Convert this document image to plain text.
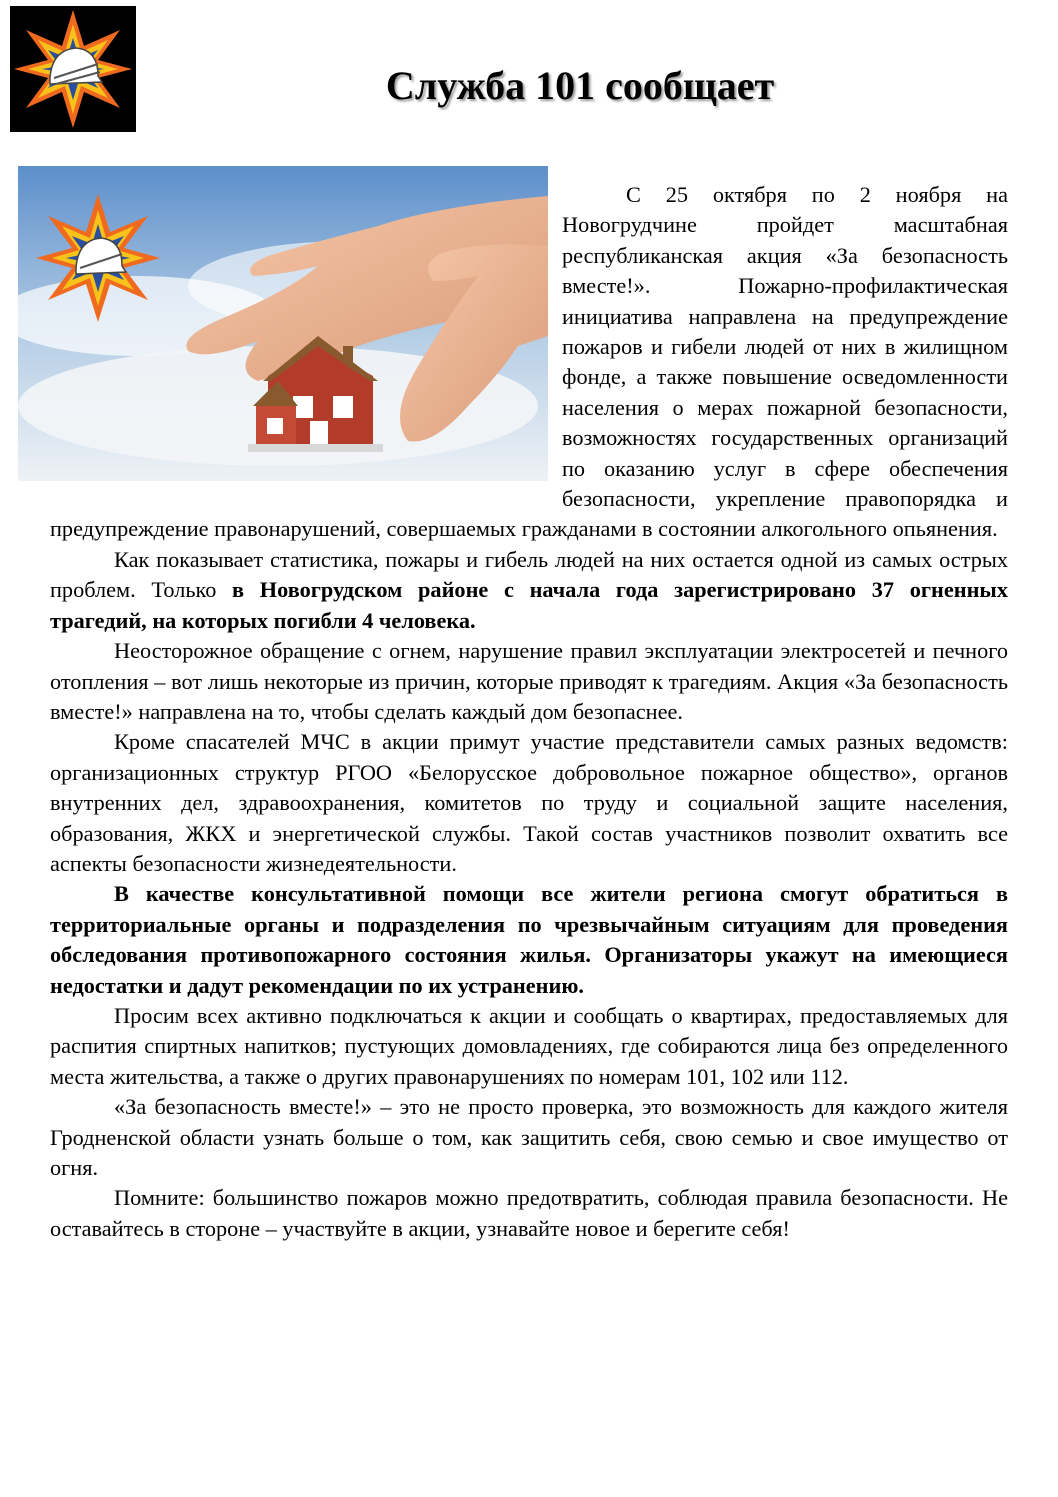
Служба 101 сообщает

С 25 октября по 2 ноября на Новогрудчине пройдет масштабная республиканская акция «За безопасность вместе!». Пожарно-профилактическая инициатива направлена на предупреждение пожаров и гибели людей от них в жилищном фонде, а также повышение осведомленности населения о мерах пожарной безопасности, возможностях государственных организаций по оказанию услуг в сфере обеспечения безопасности, укрепление правопорядка и предупреждение правонарушений, совершаемых гражданами в состоянии алкогольного опьянения.

Как показывает статистика, пожары и гибель людей на них остается одной из самых острых проблем. Только в Новогрудском районе с начала года зарегистрировано 37 огненных трагедий, на которых погибли 4 человека.

Неосторожное обращение с огнем, нарушение правил эксплуатации электросетей и печного отопления – вот лишь некоторые из причин, которые приводят к трагедиям. Акция «За безопасность вместе!» направлена на то, чтобы сделать каждый дом безопаснее.

Кроме спасателей МЧС в акции примут участие представители самых разных ведомств: организационных структур РГОО «Белорусское добровольное пожарное общество», органов внутренних дел, здравоохранения, комитетов по труду и социальной защите населения, образования, ЖКХ и энергетической службы. Такой состав участников позволит охватить все аспекты безопасности жизнедеятельности.

В качестве консультативной помощи все жители региона смогут обратиться в территориальные органы и подразделения по чрезвычайным ситуациям для проведения обследования противопожарного состояния жилья. Организаторы укажут на имеющиеся недостатки и дадут рекомендации по их устранению.

Просим всех активно подключаться к акции и сообщать о квартирах, предоставляемых для распития спиртных напитков; пустующих домовладениях, где собираются лица без определенного места жительства, а также о других правонарушениях по номерам 101, 102 или 112.

«За безопасность вместе!» – это не просто проверка, это возможность для каждого жителя Гродненской области узнать больше о том, как защитить себя, свою семью и свое имущество от огня.

Помните: большинство пожаров можно предотвратить, соблюдая правила безопасности. Не оставайтесь в стороне – участвуйте в акции, узнавайте новое и берегите себя!
